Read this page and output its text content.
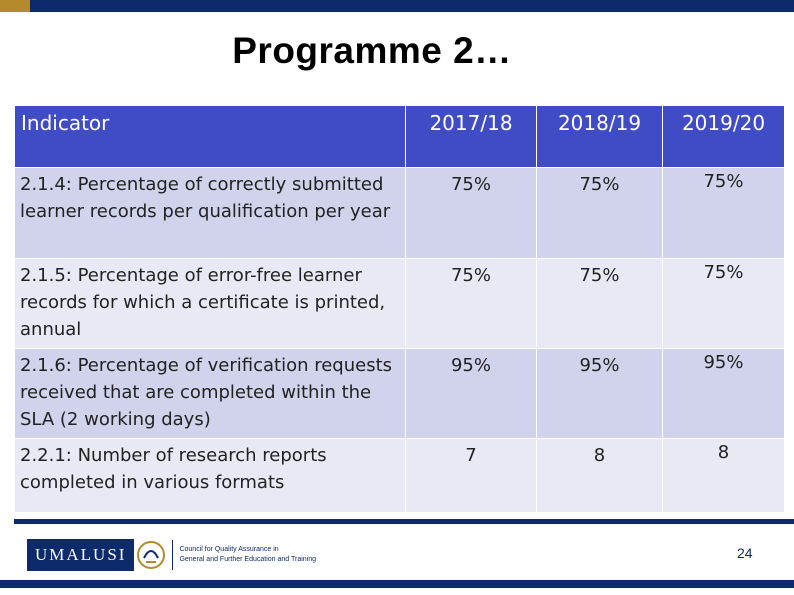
Programme 2…
Indicator	2017/18	2018/19	2019/20
2.1.4: Percentage of correctly submitted learner records per qualification per year	75%	75%	75%
2.1.5: Percentage of error-free learner records for which a certificate is printed, annual	75%	75%	75%
2.1.6: Percentage of verification requests received that are completed within the SLA (2 working days)	95%	95%	95%
2.2.1: Number of research reports completed in various formats	7	8	8
UMALUSI	Council for Quality Assurance in
General and Further Education and Training	24
